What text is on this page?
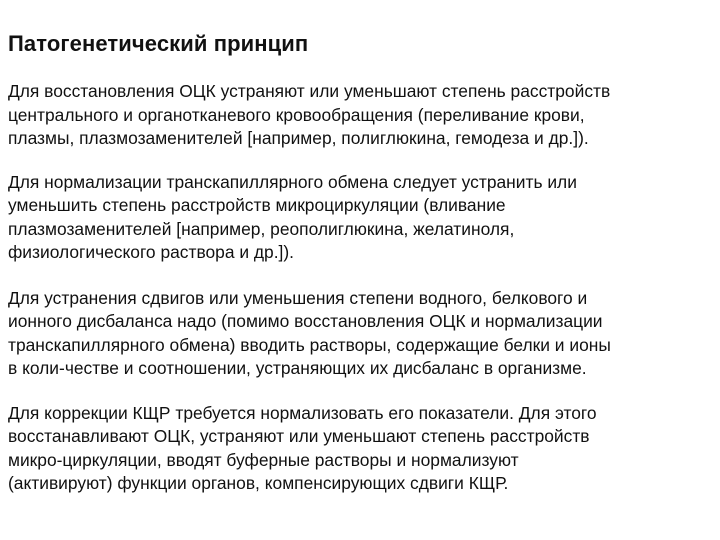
Патогенетический принцип

Для восстановления ОЦК устраняют или уменьшают степень расстройств
центрального и органотканевого кровообращения (переливание крови,
плазмы, плазмозаменителей [например, полиглюкина, гемодеза и др.]).

Для нормализации транскапиллярного обмена следует устранить или
уменьшить степень расстройств микроциркуляции (вливание
плазмозаменителей [например, реополиглюкина, желатиноля,
физиологического раствора и др.]).

Для устранения сдвигов или уменьшения степени водного, белкового и
ионного дисбаланса надо (помимо восстановления ОЦК и нормализации
транскапиллярного обмена) вводить растворы, содержащие белки и ионы
в коли-честве и соотношении, устраняющих их дисбаланс в организме.

Для коррекции КЩР требуется нормализовать его показатели. Для этого
восстанавливают ОЦК, устраняют или уменьшают степень расстройств
микро-циркуляции, вводят буферные растворы и нормализуют
(активируют) функции органов, компенсирующих сдвиги КЩР.
